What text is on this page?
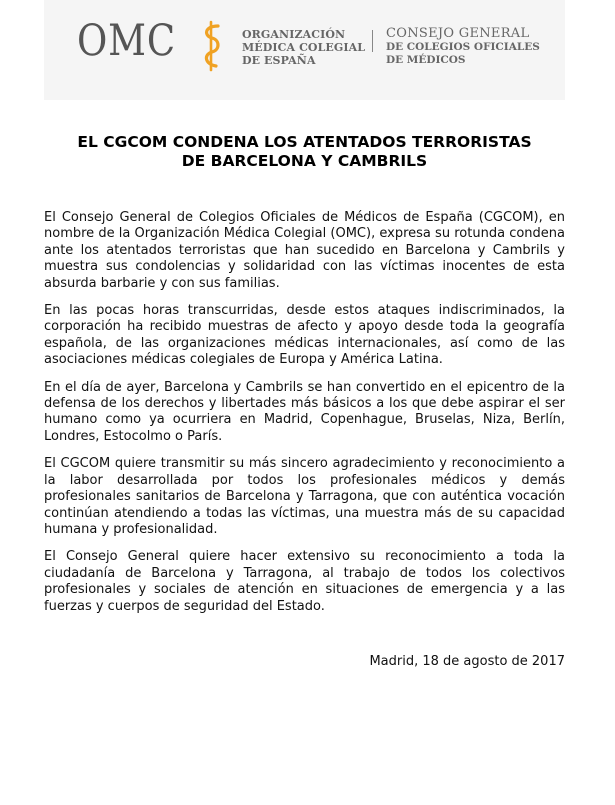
OMC	ORGANIZACIÓN
MÉDICA COLEGIAL
DE ESPAÑA
CONSEJO GENERAL
DE COLEGIOS OFICIALES
DE MÉDICOS
EL CGCOM CONDENA LOS ATENTADOS TERRORISTAS
DE BARCELONA Y CAMBRILS

El Consejo General de Colegios Oficiales de Médicos de España (CGCOM), en nombre de la Organización Médica Colegial (OMC), expresa su rotunda condena ante los atentados terroristas que han sucedido en Barcelona y Cambrils y muestra sus condolencias y solidaridad con las víctimas inocentes de esta absurda barbarie y con sus familias.

En las pocas horas transcurridas, desde estos ataques indiscriminados, la corporación ha recibido muestras de afecto y apoyo desde toda la geografía española, de las organizaciones médicas internacionales, así como de las asociaciones médicas colegiales de Europa y América Latina.

En el día de ayer, Barcelona y Cambrils se han convertido en el epicentro de la defensa de los derechos y libertades más básicos a los que debe aspirar el ser humano como ya ocurriera en Madrid, Copenhague, Bruselas, Niza, Berlín, Londres, Estocolmo o París.

El CGCOM quiere transmitir su más sincero agradecimiento y reconocimiento a la labor desarrollada por todos los profesionales médicos y demás profesionales sanitarios de Barcelona y Tarragona, que con auténtica vocación continúan atendiendo a todas las víctimas, una muestra más de su capacidad humana y profesionalidad.

El Consejo General quiere hacer extensivo su reconocimiento a toda la ciudadanía de Barcelona y Tarragona, al trabajo de todos los colectivos profesionales y sociales de atención en situaciones de emergencia y a las fuerzas y cuerpos de seguridad del Estado.

Madrid, 18 de agosto de 2017
